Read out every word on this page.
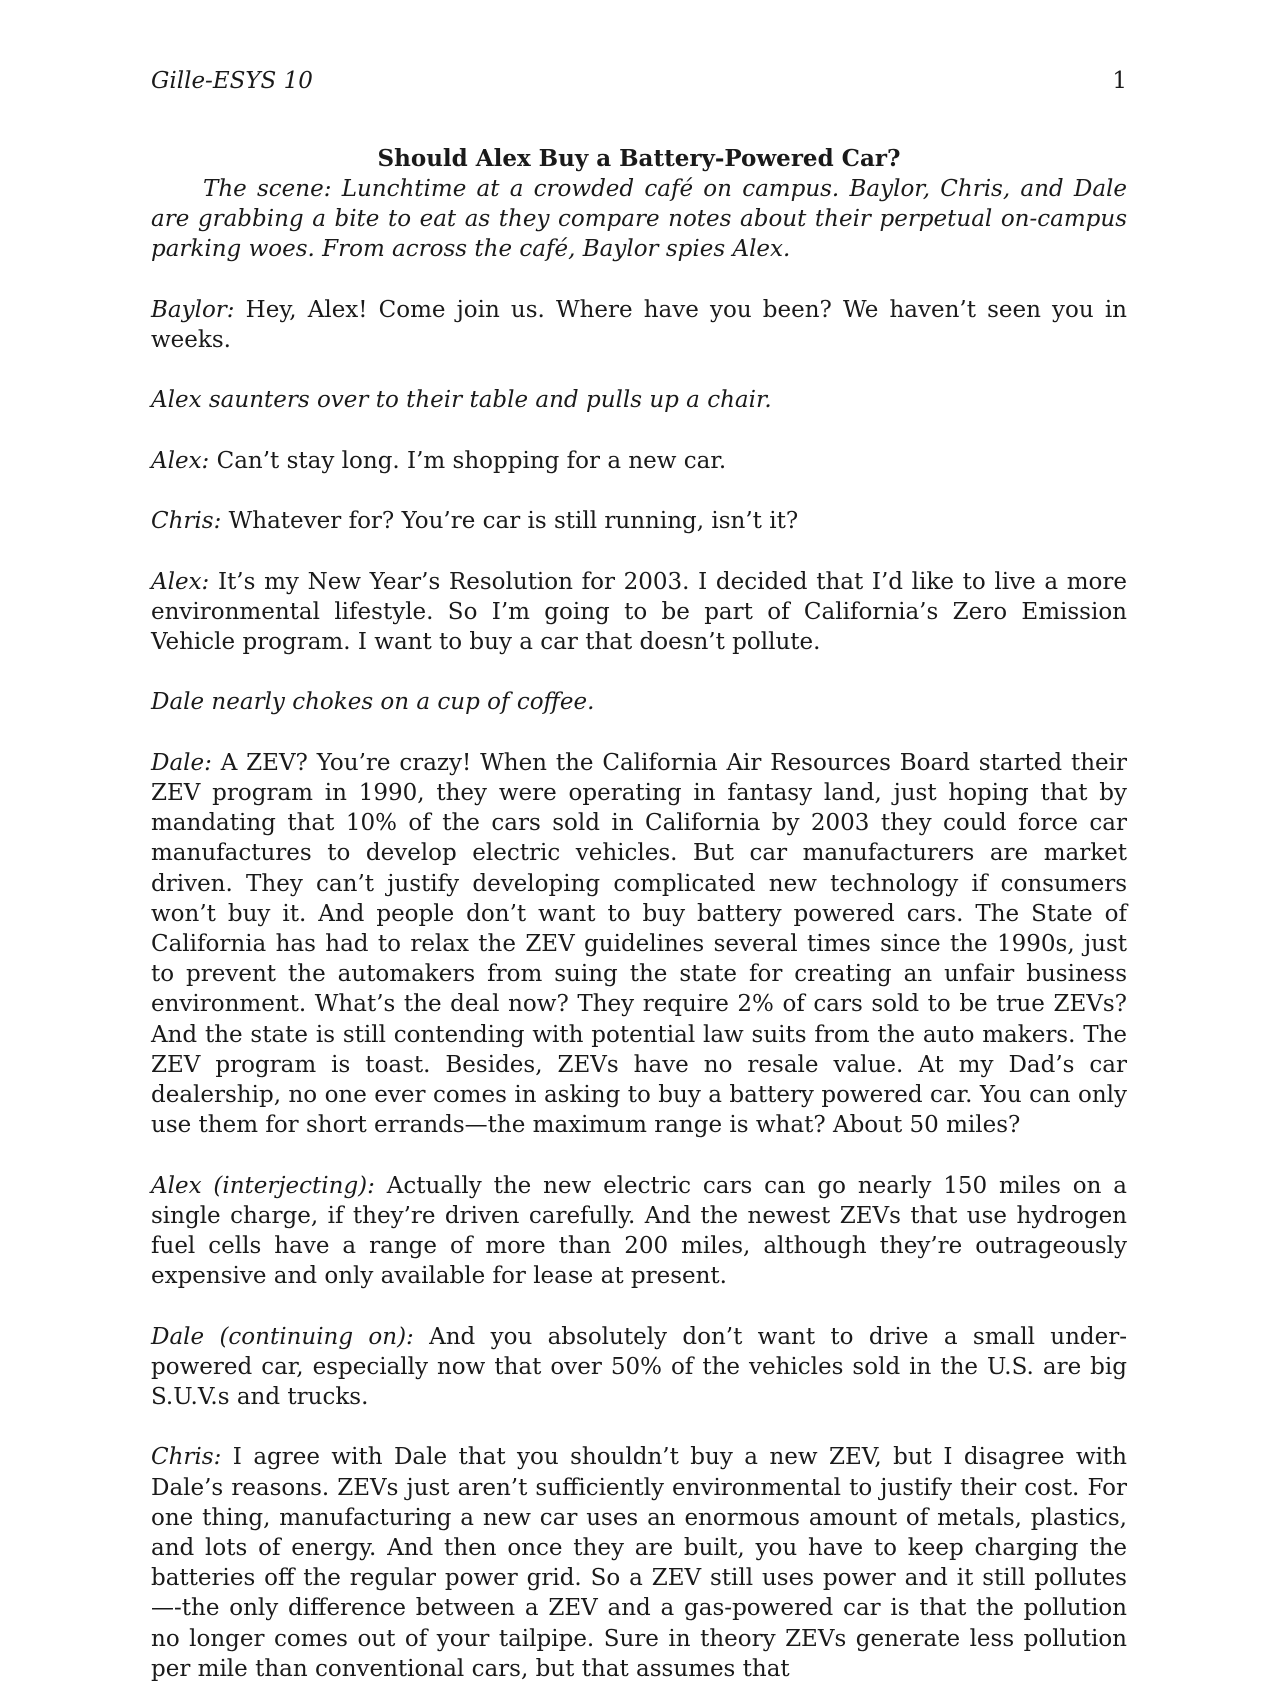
Gille-ESYS 10	1
Should Alex Buy a Battery-Powered Car?

The scene: Lunchtime at a crowded café on campus. Baylor, Chris, and Dale are grabbing a bite to eat as they compare notes about their perpetual on-campus parking woes. From across the café, Baylor spies Alex.

Baylor: Hey, Alex! Come join us. Where have you been? We haven’t seen you in weeks.

Alex saunters over to their table and pulls up a chair.

Alex: Can’t stay long. I’m shopping for a new car.

Chris: Whatever for? You’re car is still running, isn’t it?

Alex: It’s my New Year’s Resolution for 2003. I decided that I’d like to live a more environmental lifestyle. So I’m going to be part of California’s Zero Emission Vehicle program. I want to buy a car that doesn’t pollute.

Dale nearly chokes on a cup of coffee.

Dale: A ZEV? You’re crazy! When the California Air Resources Board started their ZEV program in 1990, they were operating in fantasy land, just hoping that by mandating that 10% of the cars sold in California by 2003 they could force car manufactures to develop electric vehicles. But car manufacturers are market driven. They can’t justify developing complicated new technology if consumers won’t buy it. And people don’t want to buy battery powered cars. The State of California has had to relax the ZEV guidelines several times since the 1990s, just to prevent the automakers from suing the state for creating an unfair business environment. What’s the deal now? They require 2% of cars sold to be true ZEVs? And the state is still contending with potential law suits from the auto makers. The ZEV program is toast. Besides, ZEVs have no resale value. At my Dad’s car dealership, no one ever comes in asking to buy a battery powered car. You can only use them for short errands—the maximum range is what? About 50 miles?

Alex (interjecting): Actually the new electric cars can go nearly 150 miles on a single charge, if they’re driven carefully. And the newest ZEVs that use hydrogen fuel cells have a range of more than 200 miles, although they’re outrageously expensive and only available for lease at present.

Dale (continuing on): And you absolutely don’t want to drive a small under-powered car, especially now that over 50% of the vehicles sold in the U.S. are big S.U.V.s and trucks.

Chris: I agree with Dale that you shouldn’t buy a new ZEV, but I disagree with Dale’s reasons. ZEVs just aren’t sufficiently environmental to justify their cost. For one thing, manufacturing a new car uses an enormous amount of metals, plastics, and lots of energy. And then once they are built, you have to keep charging the batteries off the regular power grid. So a ZEV still uses power and it still pollutes—-the only difference between a ZEV and a gas-powered car is that the pollution no longer comes out of your tailpipe. Sure in theory ZEVs generate less pollution per mile than conventional cars, but that assumes that
